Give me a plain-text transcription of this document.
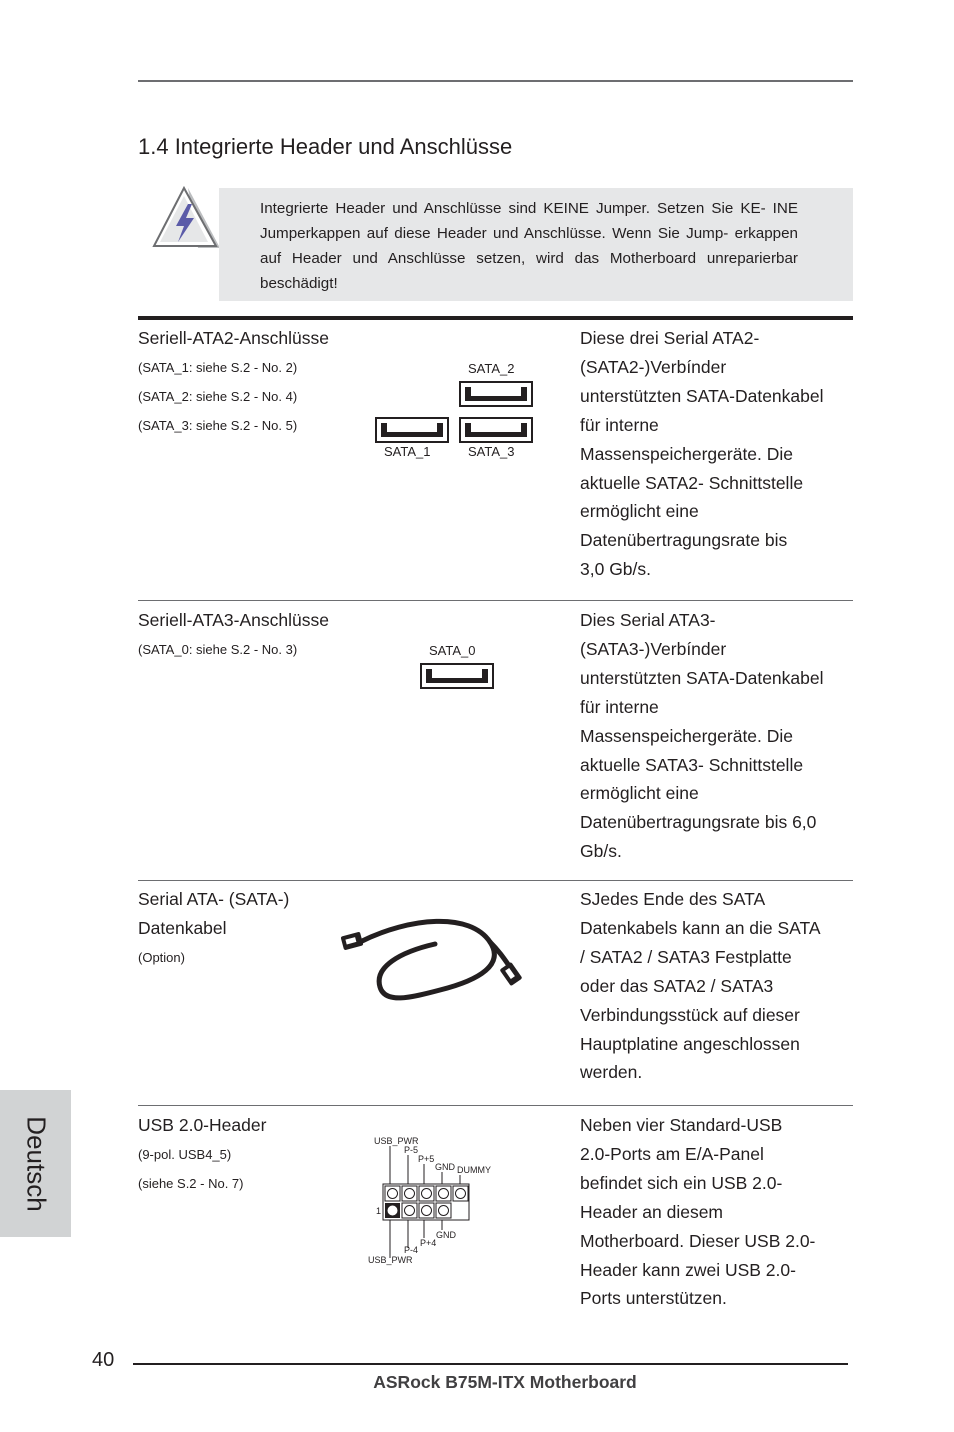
1.4 Integrierte Header und Anschlüsse
Integrierte Header und Anschlüsse sind KEINE Jumper. Setzen Sie KE- INE Jumperkappen auf diese Header und Anschlüsse. Wenn Sie Jump- erkappen auf Header und Anschlüsse setzen, wird das Motherboard unreparierbar beschädigt!
Seriell-ATA2-Anschlüsse
(SATA_1: siehe S.2 - No. 2)
(SATA_2: siehe S.2 - No. 4)
(SATA_3: siehe S.2 - No. 5)
SATA_2
SATA_1	SATA_3
Diese drei Serial ATA2-
(SATA2-)Verbínder
unterstützten SATA-Datenkabel
für interne
Massenspeichergeräte. Die
aktuelle SATA2- Schnittstelle
ermöglicht eine
Datenübertragungsrate bis
3,0 Gb/s.
Seriell-ATA3-Anschlüsse
(SATA_0: siehe S.2 - No. 3)	SATA_0
Dies Serial ATA3-
(SATA3-)Verbínder
unterstützten SATA-Datenkabel
für interne
Massenspeichergeräte. Die
aktuelle SATA3- Schnittstelle
ermöglicht eine
Datenübertragungsrate bis 6,0
Gb/s.
Serial ATA- (SATA-)
Datenkabel
(Option)
SJedes Ende des SATA
Datenkabels kann an die SATA
/ SATA2 / SATA3 Festplatte
oder das SATA2 / SATA3
Verbindungsstück auf dieser
Hauptplatine angeschlossen
werden.
USB 2.0-Header
(9-pol. USB4_5)
(siehe S.2 - No. 7)
USB_PWR
P-5
P+5
GND DUMMY
1
GND
P+4
P-4
USB_PWR
Neben vier Standard-USB
2.0-Ports am E/A-Panel
befindet sich ein USB 2.0-
Header an diesem
Motherboard. Dieser USB 2.0-
Header kann zwei USB 2.0-
Ports unterstützen.
Deutsch
40
ASRock B75M-ITX Motherboard
